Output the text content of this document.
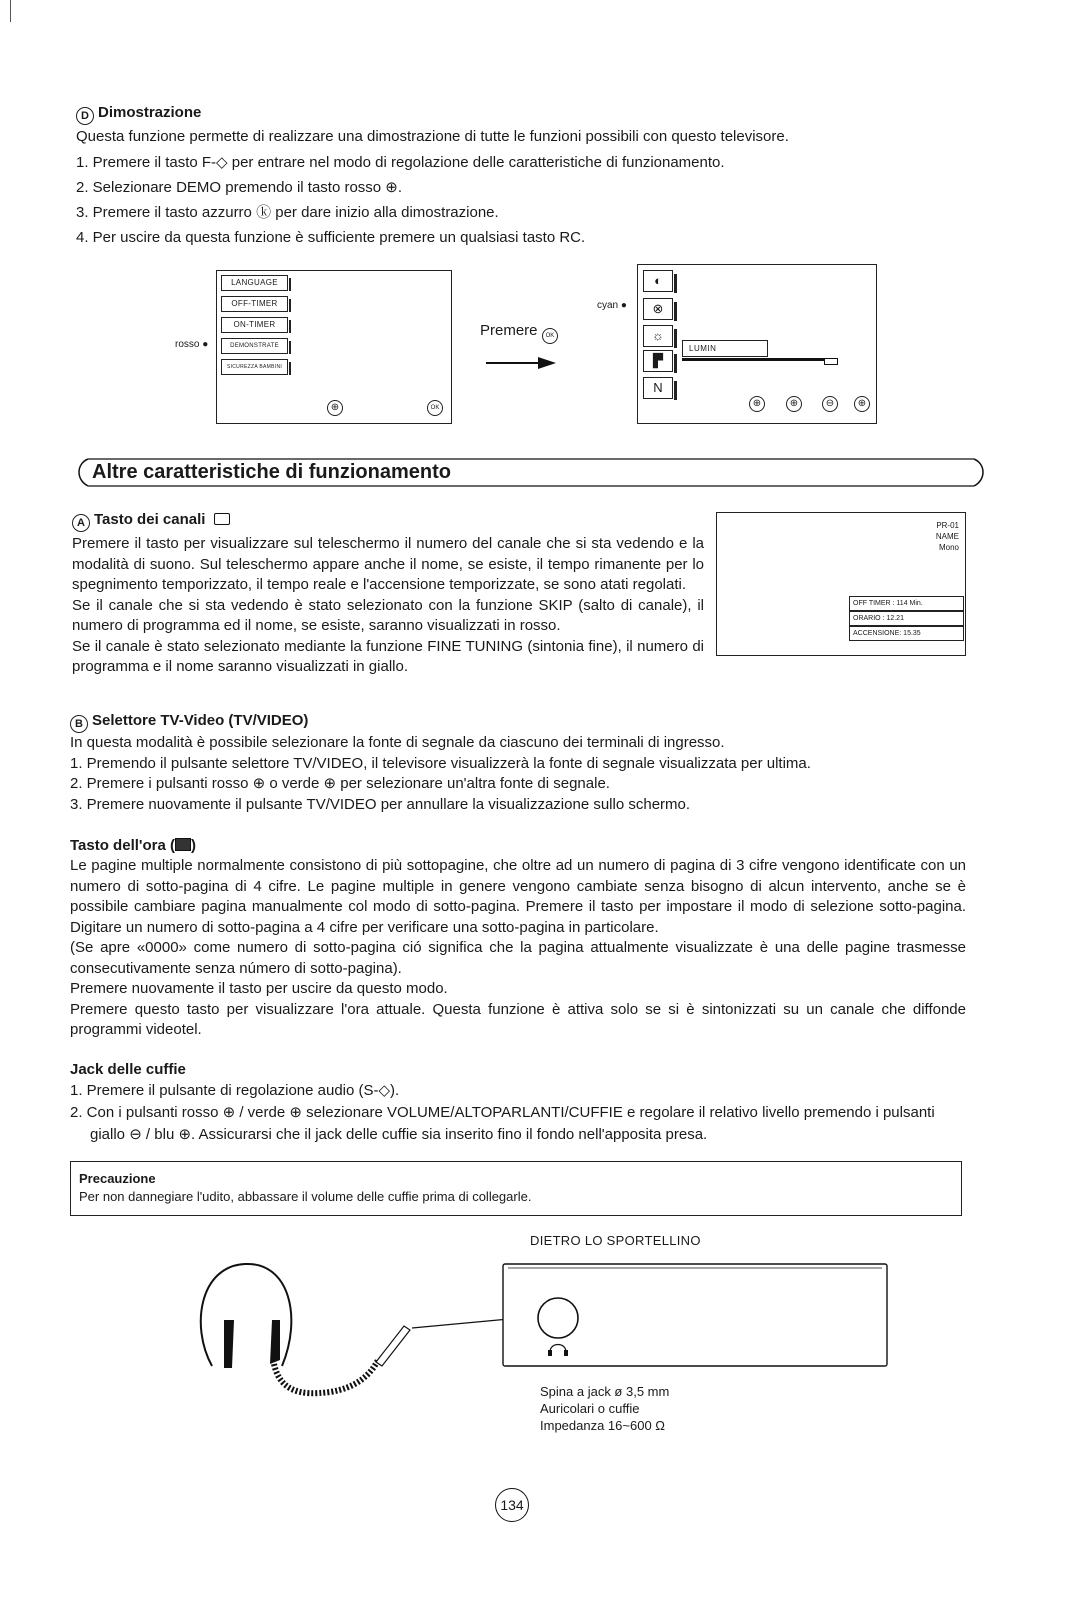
D Dimostrazione

Questa funzione permette di realizzare una dimostrazione di tutte le funzioni possibili con questo televisore.

1. Premere il tasto F-◇ per entrare nel modo di regolazione delle caratteristiche di funzionamento.
2. Selezionare DEMO premendo il tasto rosso ⊕.
3. Premere il tasto azzurro ⓚ per dare inizio alla dimostrazione.
4. Per uscire da questa funzione è sufficiente premere un qualsiasi tasto RC.
LANGUAGE
OFF-TIMER
ON-TIMER
DEMONSTRATE
SICUREZZA BAMBINI
⊕	OK
rosso ●
Premere OK
◐
⊗
☼
▛
N
LUMIN
⊕	⊕	⊖	⊕
cyan ●
Altre caratteristiche di funzionamento

A Tasto dei canali

Premere il tasto per visualizzare sul teleschermo il numero del canale che si sta vedendo e la modalità di suono. Sul teleschermo appare anche il nome, se esiste, il tempo rimanente per lo spegnimento temporizzato, il tempo reale e l'accensione temporizzate, se sono atati regolati.

Se il canale che si sta vedendo è stato selezionato con la funzione SKIP (salto di canale), il numero di programma ed il nome, se esiste, saranno visualizzati in rosso.

Se il canale è stato selezionato mediante la funzione FINE TUNING (sintonia fine), il numero di programma e il nome saranno visualizzati in giallo.

PR-01
NAME
Mono
OFF TIMER : 114 Min.
ORARIO : 12.21
ACCENSIONE: 15.35

B Selettore TV-Video (TV/VIDEO)

In questa modalità è possibile selezionare la fonte di segnale da ciascuno dei terminali di ingresso.

1. Premendo il pulsante selettore TV/VIDEO, il televisore visualizzerà la fonte di segnale visualizzata per ultima.

2. Premere i pulsanti rosso ⊕ o verde ⊕ per selezionare un'altra fonte di segnale.

3. Premere nuovamente il pulsante TV/VIDEO per annullare la visualizzazione sullo schermo.

Tasto dell'ora ( )

Le pagine multiple normalmente consistono di più sottopagine, che oltre ad un numero di pagina di 3 cifre vengono identificate con un numero di sotto-pagina di 4 cifre. Le pagine multiple in genere vengono cambiate senza bisogno di alcun intervento, anche se è possibile cambiare pagina manualmente col modo di sotto-pagina. Premere il tasto per impostare il modo di selezione sotto-pagina. Digitare un numero di sotto-pagina a 4 cifre per verificare una sotto-pagina in particolare.

(Se apre «0000» come numero di sotto-pagina ció significa che la pagina attualmente visualizzate è una delle pagine trasmesse consecutivamente senza número di sotto-pagina).

Premere nuovamente il tasto per uscire da questo modo.

Premere questo tasto per visualizzare l'ora attuale. Questa funzione è attiva solo se si è sintonizzati su un canale che diffonde programmi videotel.

Jack delle cuffie

1. Premere il pulsante di regolazione audio (S-◇).
2. Con i pulsanti rosso ⊕ / verde ⊕ selezionare VOLUME/ALTOPARLANTI/CUFFIE e regolare il relativo livello premendo i pulsanti giallo ⊖ / blu ⊕. Assicurarsi che il jack delle cuffie sia inserito fino il fondo nell'apposita presa.
Precauzione
Per non dannegiare l'udito, abbassare il volume delle cuffie prima di collegarle.
DIETRO LO SPORTELLINO
Spina a jack ø 3,5 mm
Auricolari o cuffie
Impedanza 16~600 Ω
134
